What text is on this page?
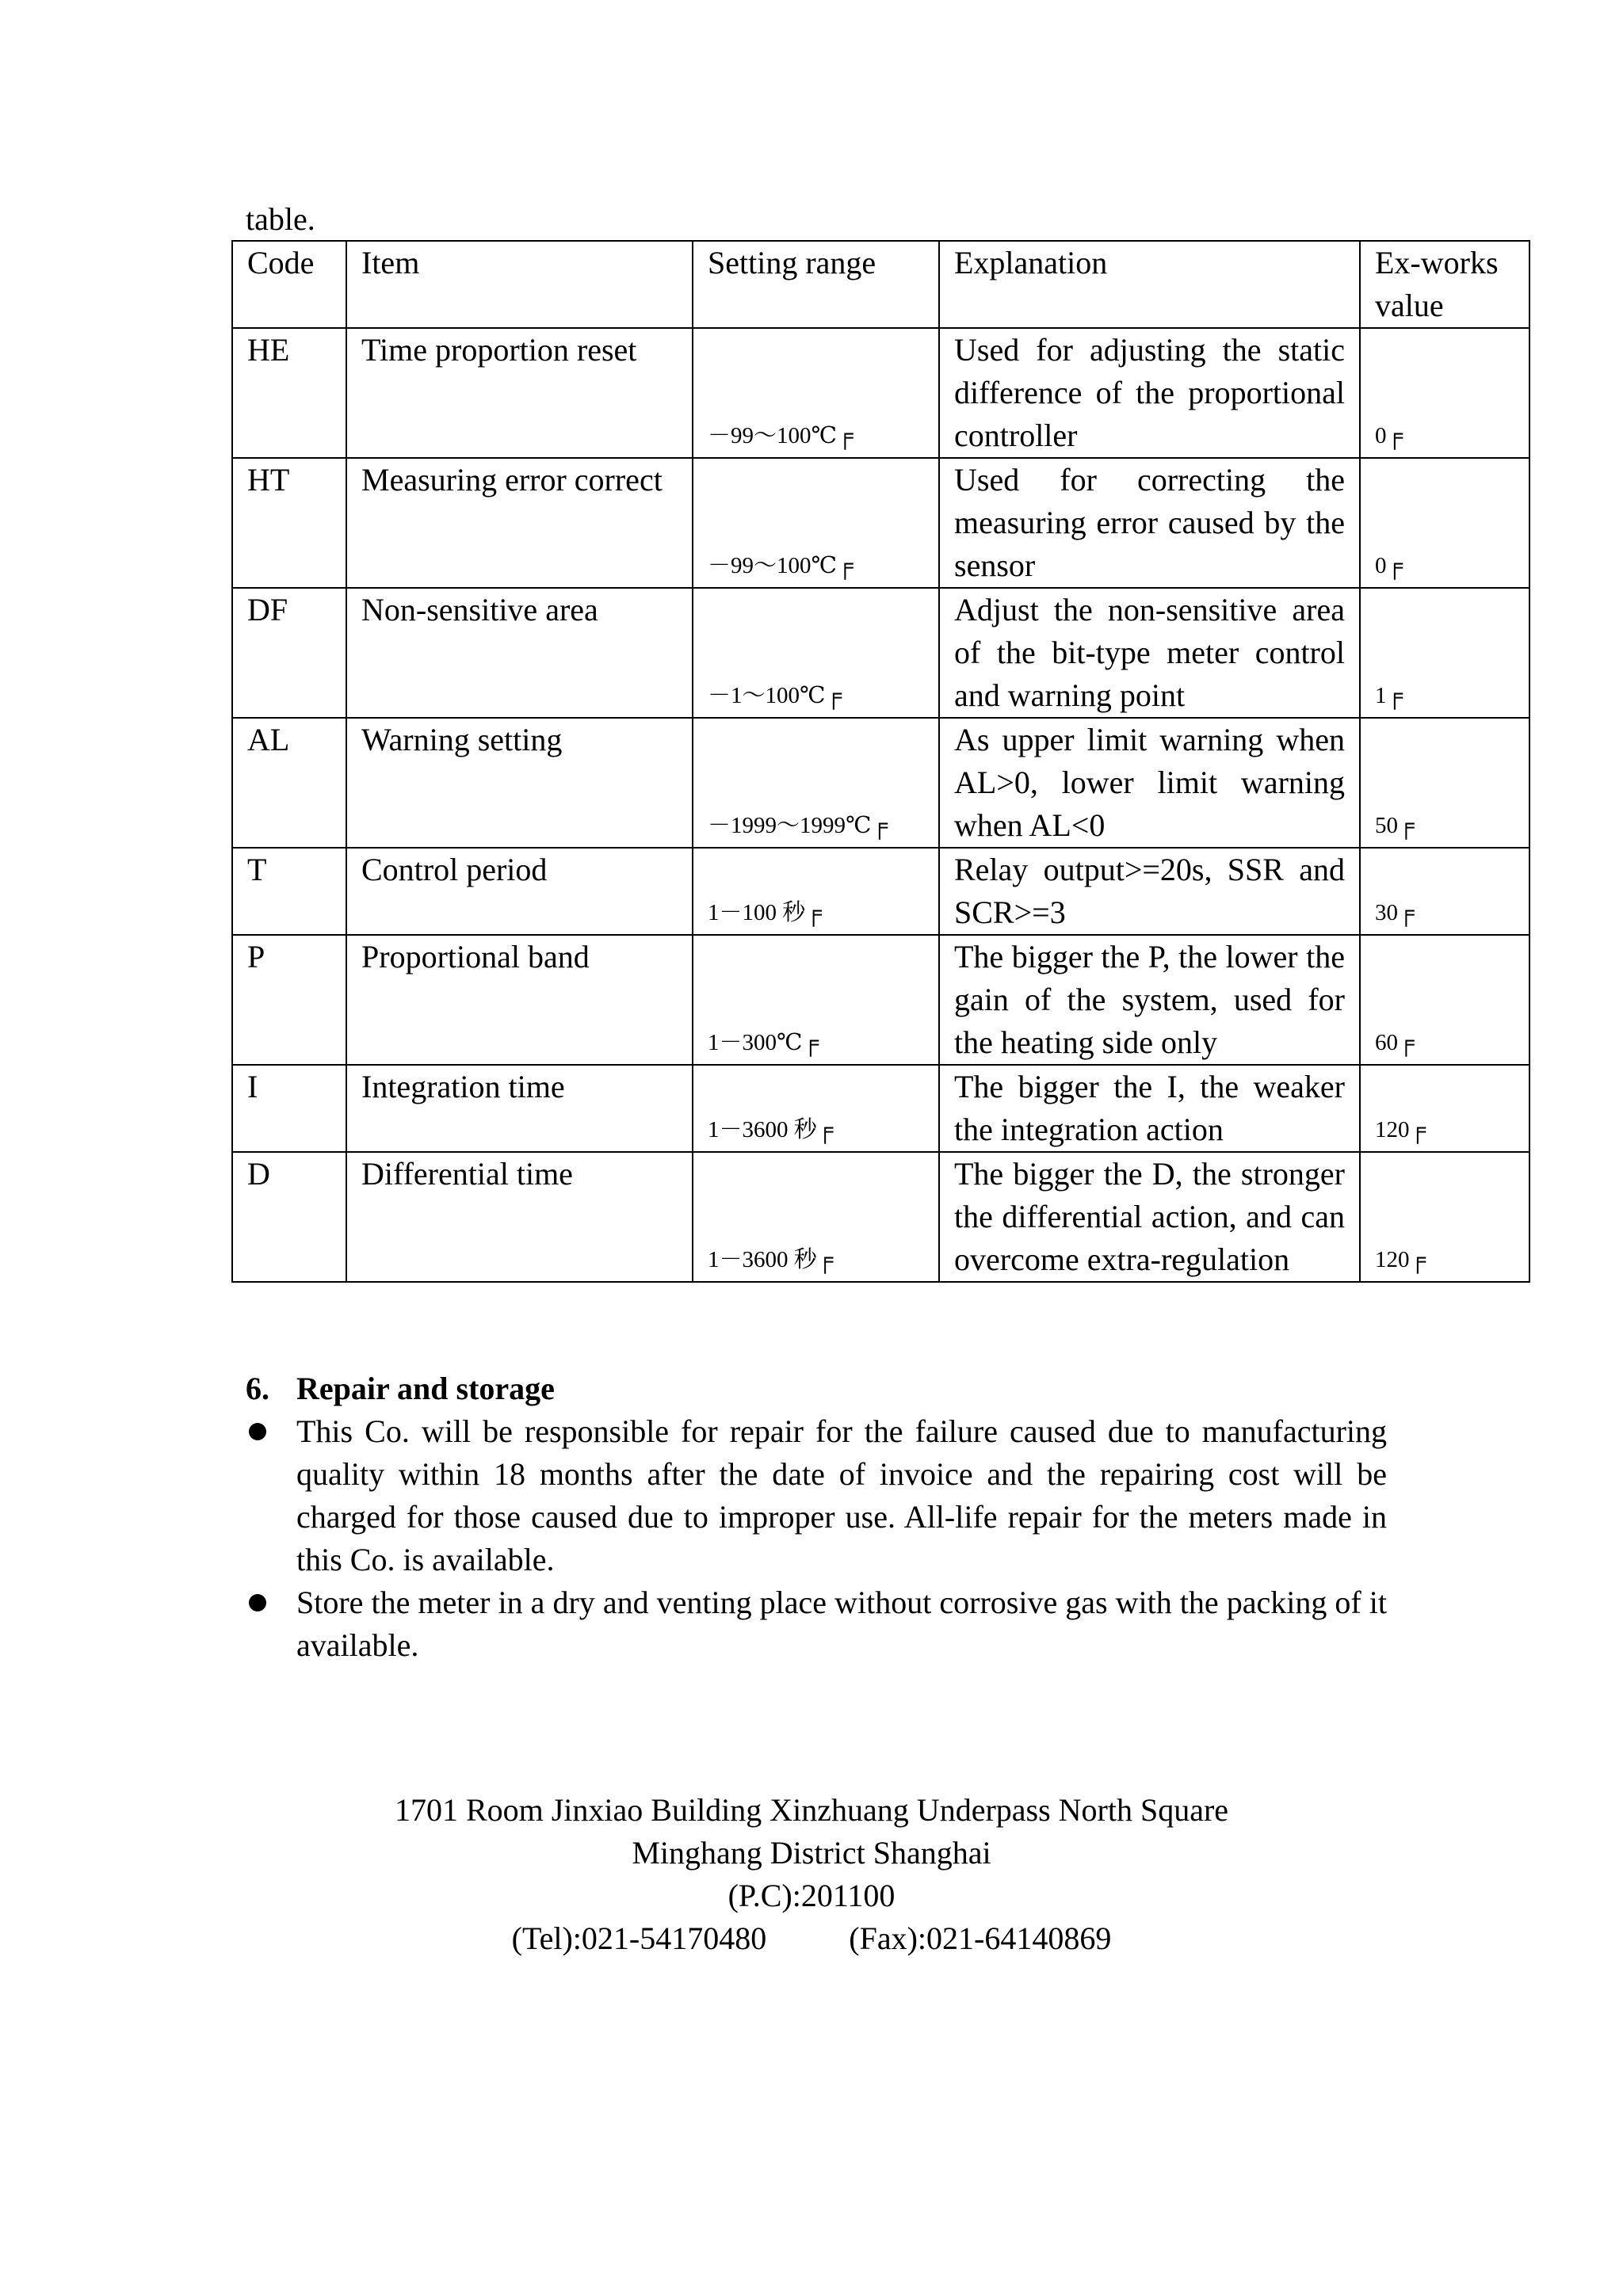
table.
Code	Item	Setting range	Explanation	Ex-works value
HE	Time proportion reset	－99～100℃╒	Used for adjusting the static difference of the proportional controller	0╒
HT	Measuring error correct	－99～100℃╒	Used for correcting the measuring error caused by the sensor	0╒
DF	Non-sensitive area	－1～100℃╒	Adjust the non-sensitive area of the bit-type meter control and warning point	1╒
AL	Warning setting	－1999～1999℃╒	As upper limit warning when AL>0, lower limit warning when AL<0	50╒
T	Control period	1－100 秒╒	Relay output>=20s, SSR and SCR>=3	30╒
P	Proportional band	1－300℃╒	The bigger the P, the lower the gain of the system, used for the heating side only	60╒
I	Integration time	1－3600 秒╒	The bigger the I, the weaker the integration action	120╒
D	Differential time	1－3600 秒╒	The bigger the D, the stronger the differential action, and can overcome extra-regulation	120╒
6. Repair and storage
This Co. will be responsible for repair for the failure caused due to manufacturing quality within 18 months after the date of invoice and the repairing cost will be charged for those caused due to improper use. All-life repair for the meters made in this Co. is available.
Store the meter in a dry and venting place without corrosive gas with the packing of it available.
1701 Room Jinxiao Building Xinzhuang Underpass North Square
Minghang District Shanghai
(P.C):201100
(Tel):021-54170480	(Fax):021-64140869
